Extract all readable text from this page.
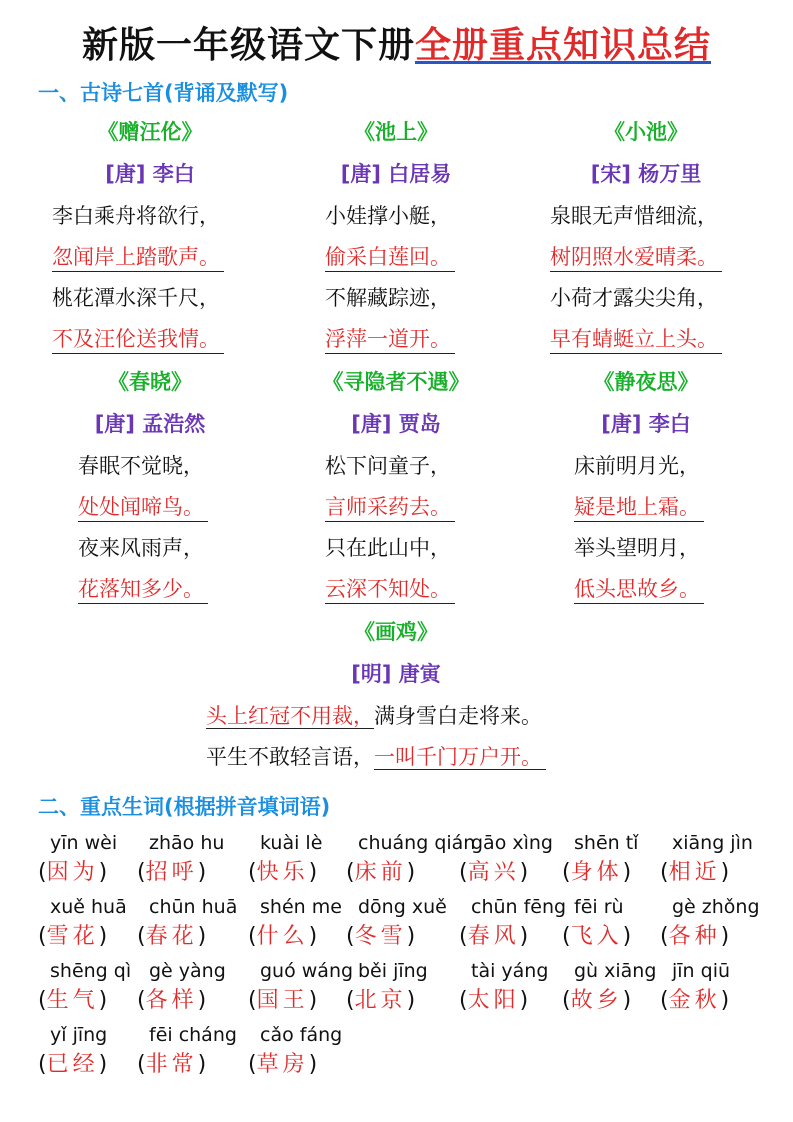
新版一年级语文下册全册重点知识总结
一、古诗七首(背诵及默写)
《赠汪伦》
[唐] 李白
李白乘舟将欲行，
忽闻岸上踏歌声。
桃花潭水深千尺，
不及汪伦送我情。
《池上》
[唐] 白居易
小娃撑小艇，
偷采白莲回。
不解藏踪迹，
浮萍一道开。
《小池》
[宋] 杨万里
泉眼无声惜细流，
树阴照水爱晴柔。
小荷才露尖尖角，
早有蜻蜓立上头。
《春晓》
[唐] 孟浩然
春眠不觉晓，
处处闻啼鸟。
夜来风雨声，
花落知多少。
《寻隐者不遇》
[唐] 贾岛
松下问童子，
言师采药去。
只在此山中，
云深不知处。
《静夜思》
[唐] 李白
床前明月光，
疑是地上霜。
举头望明月，
低头思故乡。
《画鸡》
[明] 唐寅
头上红冠不用裁，满身雪白走将来。
平生不敢轻言语，一叫千门万户开。
二、重点生词(根据拼音填词语)
yīn wèi
(因为)
zhāo hu
(招呼)
kuài lè
(快乐)
chuáng qián
(床前)
gāo xìng
(高兴)
shēn tǐ
(身体)
xiāng jìn
(相近)
xuě huā
(雪花)
chūn huā
(春花)
shén me
(什么)
dōng xuě
(冬雪)
chūn fēng
(春风)
fēi rù
(飞入)
gè zhǒng
(各种)
shēng qì
(生气)
gè yàng
(各样)
guó wáng
(国王)
běi jīng
(北京)
tài yáng
(太阳)
gù xiāng
(故乡)
jīn qiū
(金秋)
yǐ jīng
(已经)
fēi cháng
(非常)
cǎo fáng
(草房)
